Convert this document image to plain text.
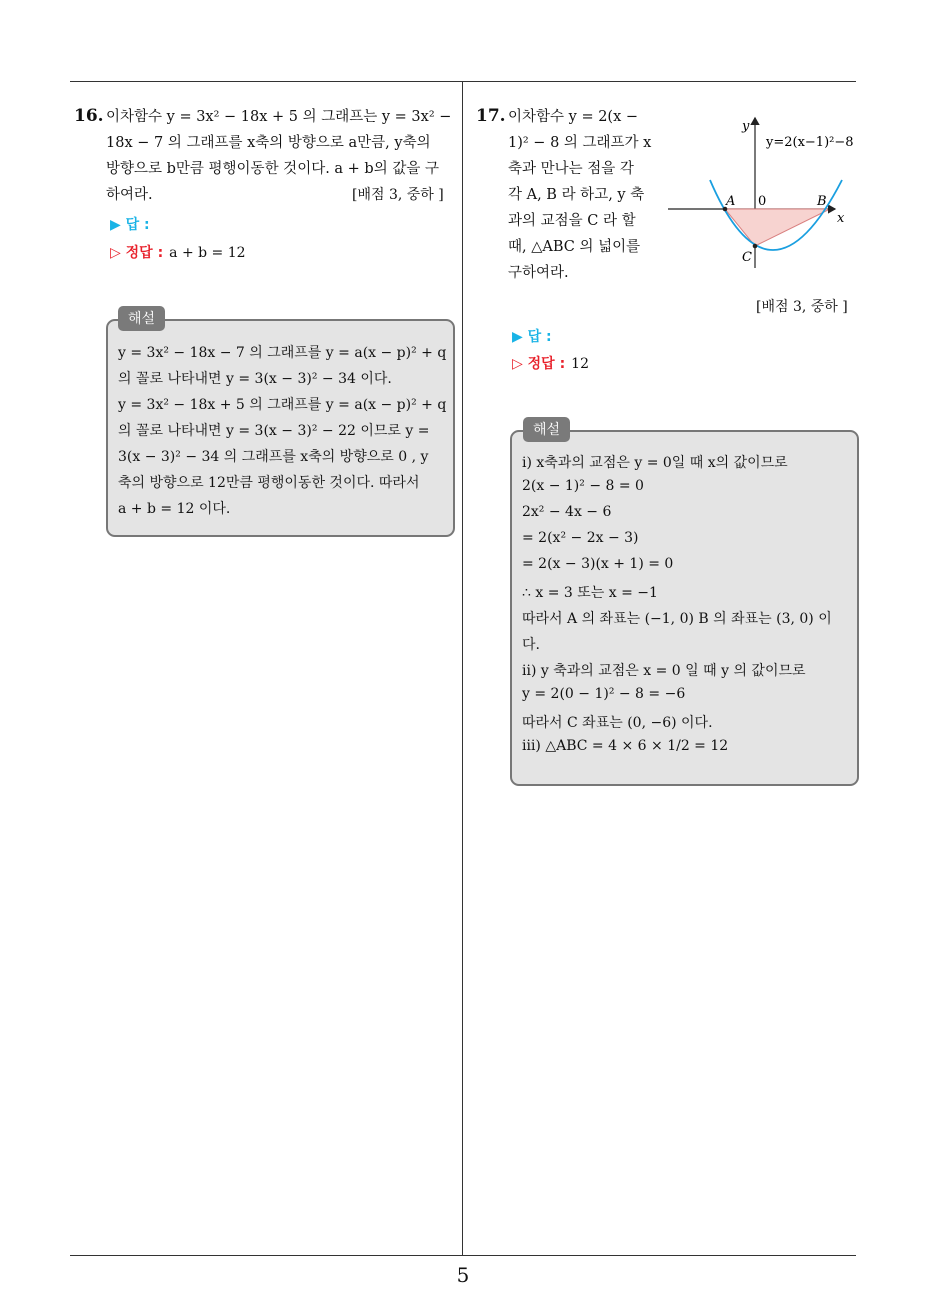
5
16. 이차함수 y = 3x² − 18x + 5 의 그래프는 y = 3x² −
18x − 7 의 그래프를 x축의 방향으로 a만큼, y축의
방향으로 b만큼 평행이동한 것이다. a + b의 값을 구
하여라.	[배점 3, 중하 ]
▶ 답 :
▷ 정답 : a + b = 12
해설
y = 3x² − 18x − 7 의 그래프를 y = a(x − p)² + q
의 꼴로 나타내면 y = 3(x − 3)² − 34 이다.
y = 3x² − 18x + 5 의 그래프를 y = a(x − p)² + q
의 꼴로 나타내면 y = 3(x − 3)² − 22 이므로 y =
3(x − 3)² − 34 의 그래프를 x축의 방향으로 0 , y
축의 방향으로 12만큼 평행이동한 것이다. 따라서
a + b = 12 이다.
17. 이차함수 y = 2(x −
1)² − 8 의 그래프가 x
축과 만나는 점을 각
각 A, B 라 하고, y 축
과의 교점을 C 라 할
때, △ABC 의 넓이를
구하여라.
y
x
y=2(x−1)²−8
0
A	B
C
[배점 3, 중하 ]
▶ 답 :
▷ 정답 : 12
해설
ⅰ) x축과의 교점은 y = 0일 때 x의 값이므로
2(x − 1)² − 8 = 0
2x² − 4x − 6
= 2(x² − 2x − 3)
= 2(x − 3)(x + 1) = 0
∴ x = 3 또는 x = −1
따라서 A 의 좌표는 (−1, 0) B 의 좌표는 (3, 0) 이
다.
ⅱ) y 축과의 교점은 x = 0 일 때 y 의 값이므로
y = 2(0 − 1)² − 8 = −6
따라서 C 좌표는 (0, −6) 이다.
ⅲ) △ABC = 4 × 6 × 1/2 = 12
